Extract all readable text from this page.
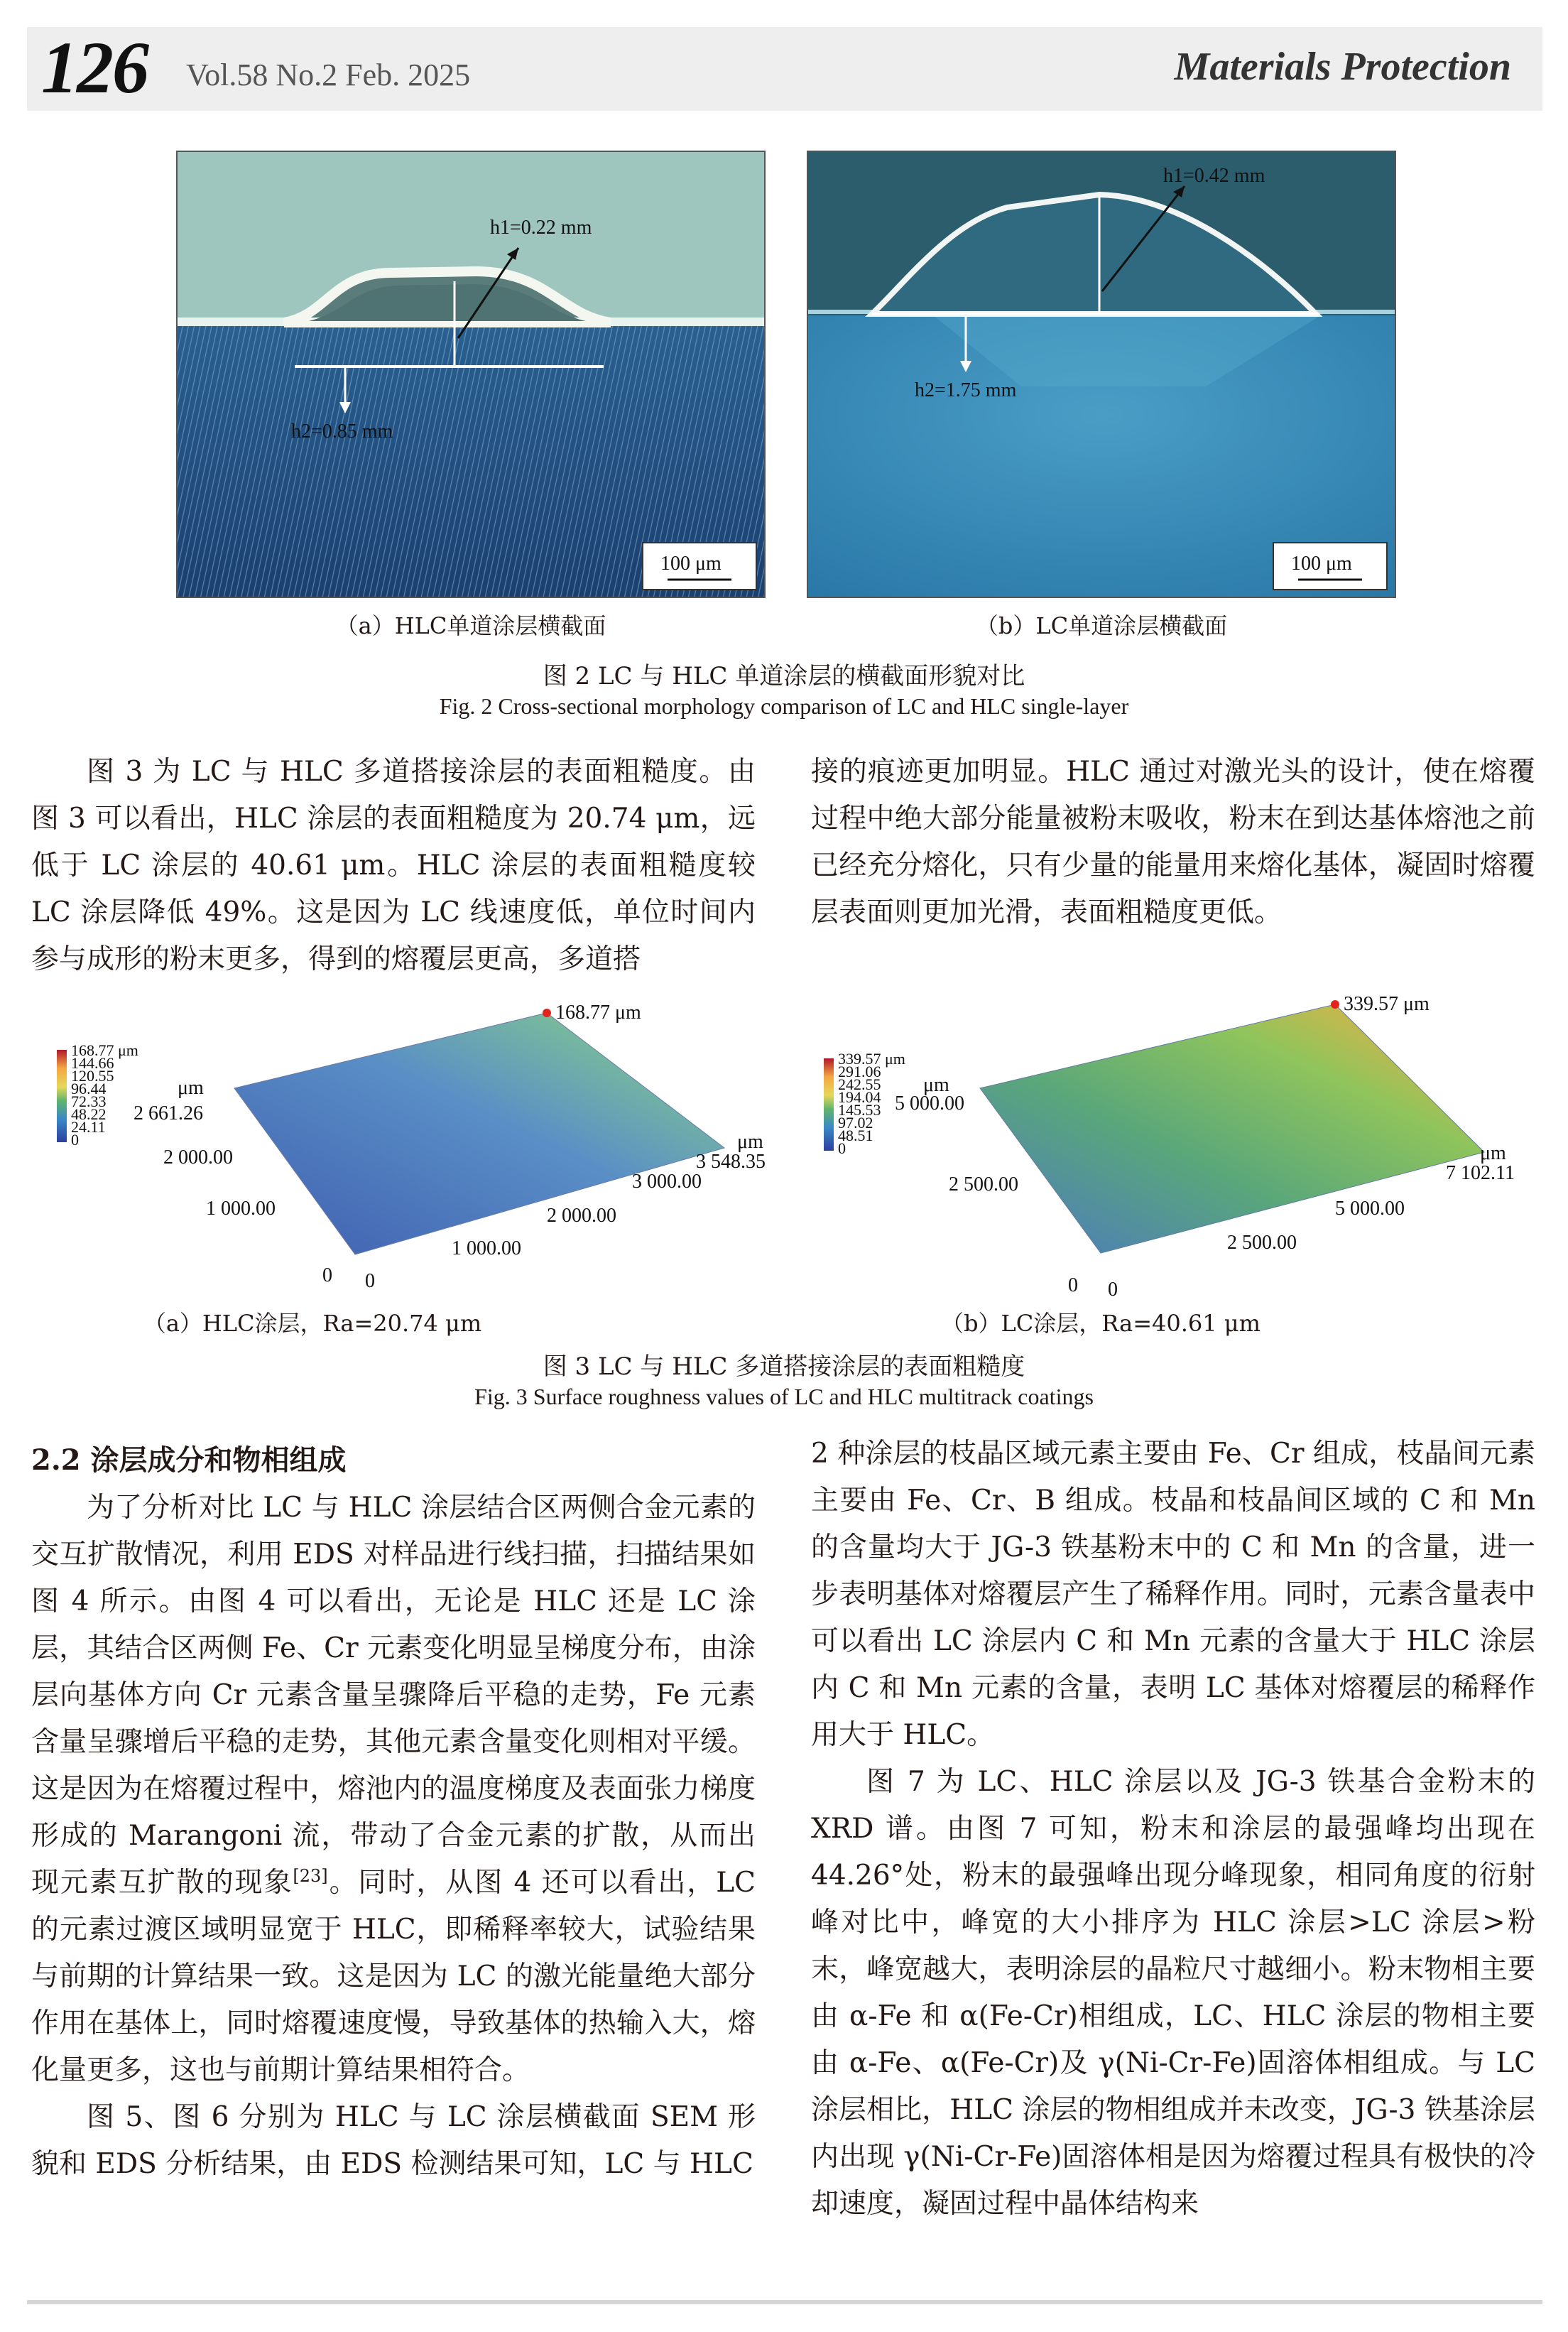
126 Vol.58 No.2 Feb. 2025	Materials Protection
h1=0.22 mm
h2=0.85 mm
100 μm
（a）HLC单道涂层横截面
h1=0.42 mm
h2=1.75 mm
100 μm
（b）LC单道涂层横截面
图 2 LC 与 HLC 单道涂层的横截面形貌对比
Fig. 2 Cross-sectional morphology comparison of LC and HLC single-layer

图 3 为 LC 与 HLC 多道搭接涂层的表面粗糙度。由图 3 可以看出，HLC 涂层的表面粗糙度为 20.74 μm，远低于 LC 涂层的 40.61 μm。HLC 涂层的表面粗糙度较 LC 涂层降低 49%。这是因为 LC 线速度低，单位时间内参与成形的粉末更多，得到的熔覆层更高，多道搭

接的痕迹更加明显。HLC 通过对激光头的设计，使在熔覆过程中绝大部分能量被粉末吸收，粉末在到达基体熔池之前已经充分熔化，只有少量的能量用来熔化基体，凝固时熔覆层表面则更加光滑，表面粗糙度更低。

168.77 μm
144.66
120.55
96.44
72.33
48.22
24.11
0
168.77 μm
μm
2 661.26
2 000.00
1 000.00
0
μm
3 548.35
3 000.00
2 000.00
1 000.00
0
（a）HLC涂层，Ra=20.74 μm
339.57 μm
291.06
242.55
194.04
145.53
97.02
48.51
0
339.57 μm
μm
5 000.00
2 500.00
0
μm
7 102.11
5 000.00
2 500.00
0
（b）LC涂层，Ra=40.61 μm
图 3 LC 与 HLC 多道搭接涂层的表面粗糙度
Fig. 3 Surface roughness values of LC and HLC multitrack coatings
2.2 涂层成分和物相组成

为了分析对比 LC 与 HLC 涂层结合区两侧合金元素的交互扩散情况，利用 EDS 对样品进行线扫描，扫描结果如图 4 所示。由图 4 可以看出，无论是 HLC 还是 LC 涂层，其结合区两侧 Fe、Cr 元素变化明显呈梯度分布，由涂层向基体方向 Cr 元素含量呈骤降后平稳的走势，Fe 元素含量呈骤增后平稳的走势，其他元素含量变化则相对平缓。这是因为在熔覆过程中，熔池内的温度梯度及表面张力梯度形成的 Marangoni 流，带动了合金元素的扩散，从而出现元素互扩散的现象[23]。同时，从图 4 还可以看出，LC 的元素过渡区域明显宽于 HLC，即稀释率较大，试验结果与前期的计算结果一致。这是因为 LC 的激光能量绝大部分作用在基体上，同时熔覆速度慢，导致基体的热输入大，熔化量更多，这也与前期计算结果相符合。

图 5、图 6 分别为 HLC 与 LC 涂层横截面 SEM 形貌和 EDS 分析结果，由 EDS 检测结果可知，LC 与 HLC

2 种涂层的枝晶区域元素主要由 Fe、Cr 组成，枝晶间元素主要由 Fe、Cr、B 组成。枝晶和枝晶间区域的 C 和 Mn 的含量均大于 JG-3 铁基粉末中的 C 和 Mn 的含量，进一步表明基体对熔覆层产生了稀释作用。同时，元素含量表中可以看出 LC 涂层内 C 和 Mn 元素的含量大于 HLC 涂层内 C 和 Mn 元素的含量，表明 LC 基体对熔覆层的稀释作用大于 HLC。

图 7 为 LC、HLC 涂层以及 JG-3 铁基合金粉末的 XRD 谱。由图 7 可知，粉末和涂层的最强峰均出现在 44.26°处，粉末的最强峰出现分峰现象，相同角度的衍射峰对比中，峰宽的大小排序为 HLC 涂层>LC 涂层>粉末，峰宽越大，表明涂层的晶粒尺寸越细小。粉末物相主要由 α-Fe 和 α(Fe-Cr)相组成，LC、HLC 涂层的物相主要由 α-Fe、α(Fe-Cr)及 γ(Ni-Cr-Fe)固溶体相组成。与 LC 涂层相比，HLC 涂层的物相组成并未改变，JG-3 铁基涂层内出现 γ(Ni-Cr-Fe)固溶体相是因为熔覆过程具有极快的冷却速度，凝固过程中晶体结构来
